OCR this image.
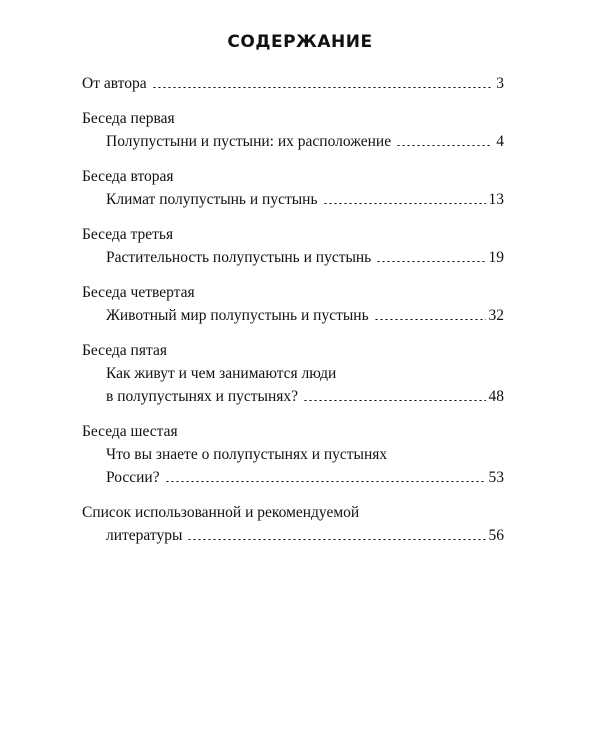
СОДЕРЖАНИЕ
От автора	3
Беседа первая
Полупустыни и пустыни: их расположение	4
Беседа вторая
Климат полупустынь и пустынь	13
Беседа третья
Растительность полупустынь и пустынь	19
Беседа четвертая
Животный мир полупустынь и пустынь	32
Беседа пятая
Как живут и чем занимаются люди
в полупустынях и пустынях?	48
Беседа шестая
Что вы знаете о полупустынях и пустынях
России?	53
Список использованной и рекомендуемой
литературы	56
